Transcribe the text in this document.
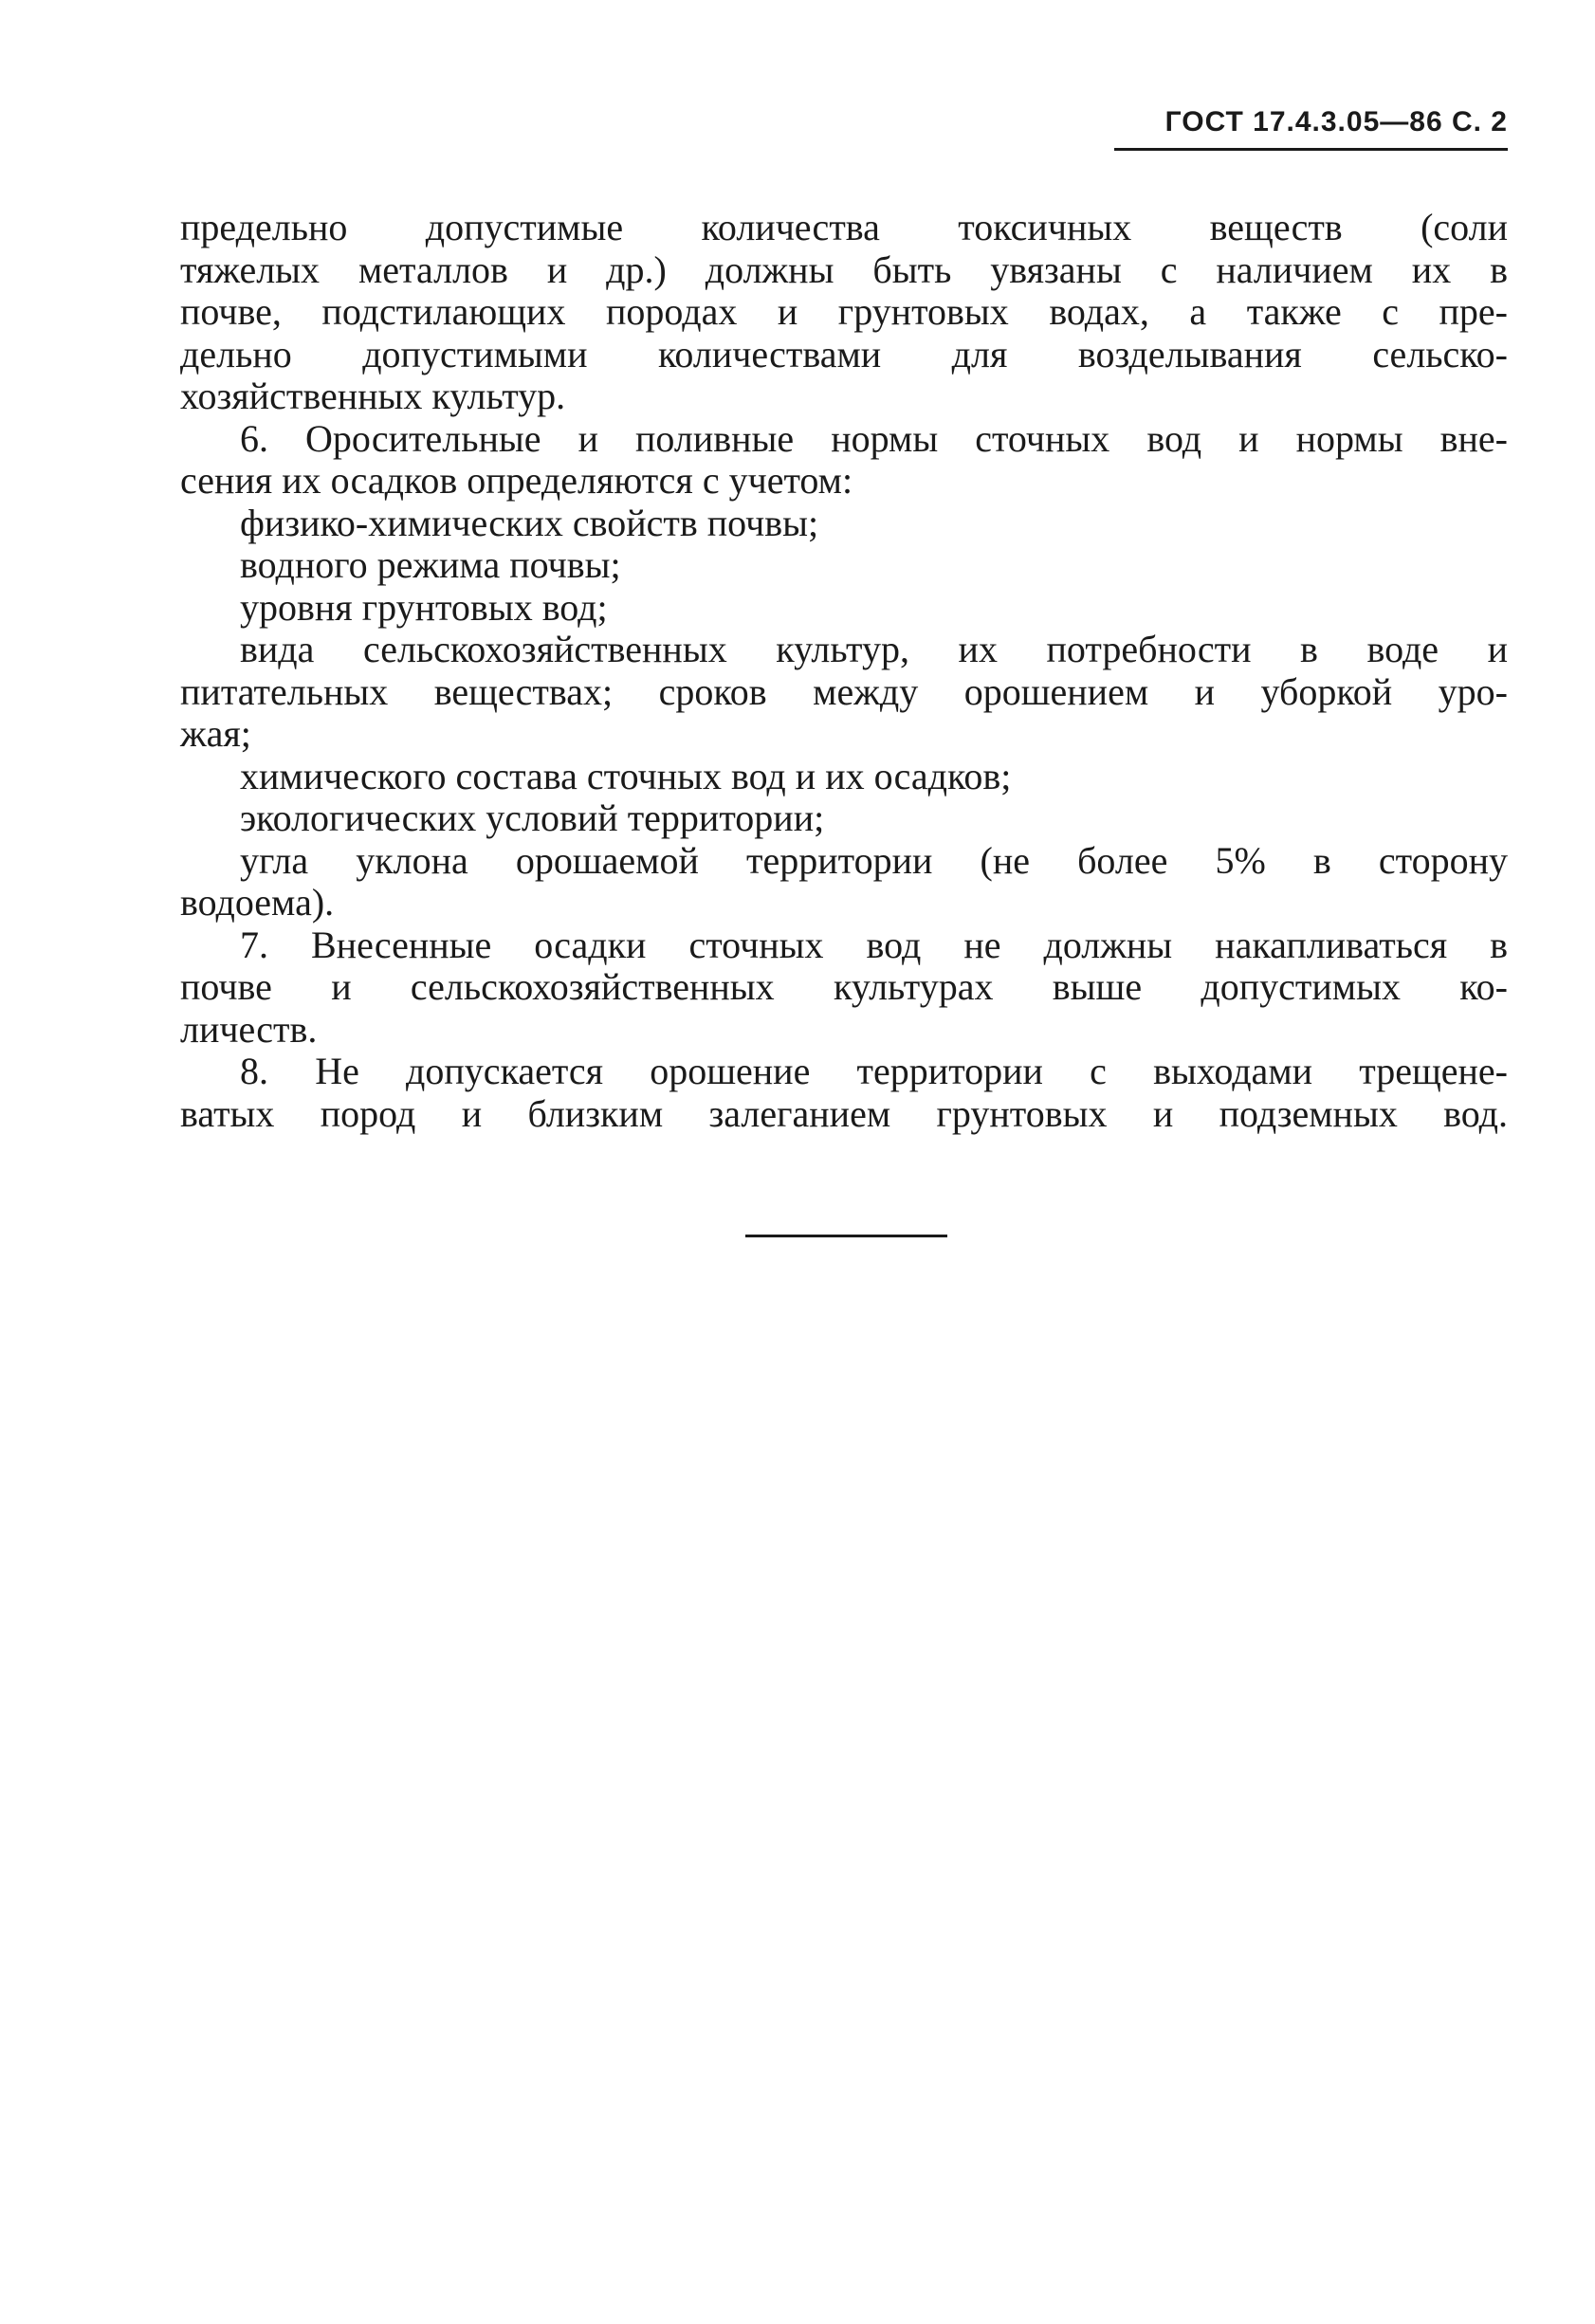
ГОСТ 17.4.3.05—86 С. 2
предельно допустимые количества токсичных веществ (соли
тяжелых металлов и др.) должны быть увязаны с наличием их в
почве, подстилающих породах и грунтовых водах, а также с пре-
дельно допустимыми количествами для возделывания сельско-
хозяйственных культур.
6. Оросительные и поливные нормы сточных вод и нормы вне-
сения их осадков определяются с учетом:
физико-химических свойств почвы;
водного режима почвы;
уровня грунтовых вод;
вида сельскохозяйственных культур, их потребности в воде и
питательных веществах; сроков между орошением и уборкой уро-
жая;
химического состава сточных вод и их осадков;
экологических условий территории;
угла уклона орошаемой территории (не более 5% в сторону
водоема).
7. Внесенные осадки сточных вод не должны накапливаться в
почве и сельскохозяйственных культурах выше допустимых ко-
личеств.
8. Не допускается орошение территории с выходами трещене-
ватых пород и близким залеганием грунтовых и подземных вод.
